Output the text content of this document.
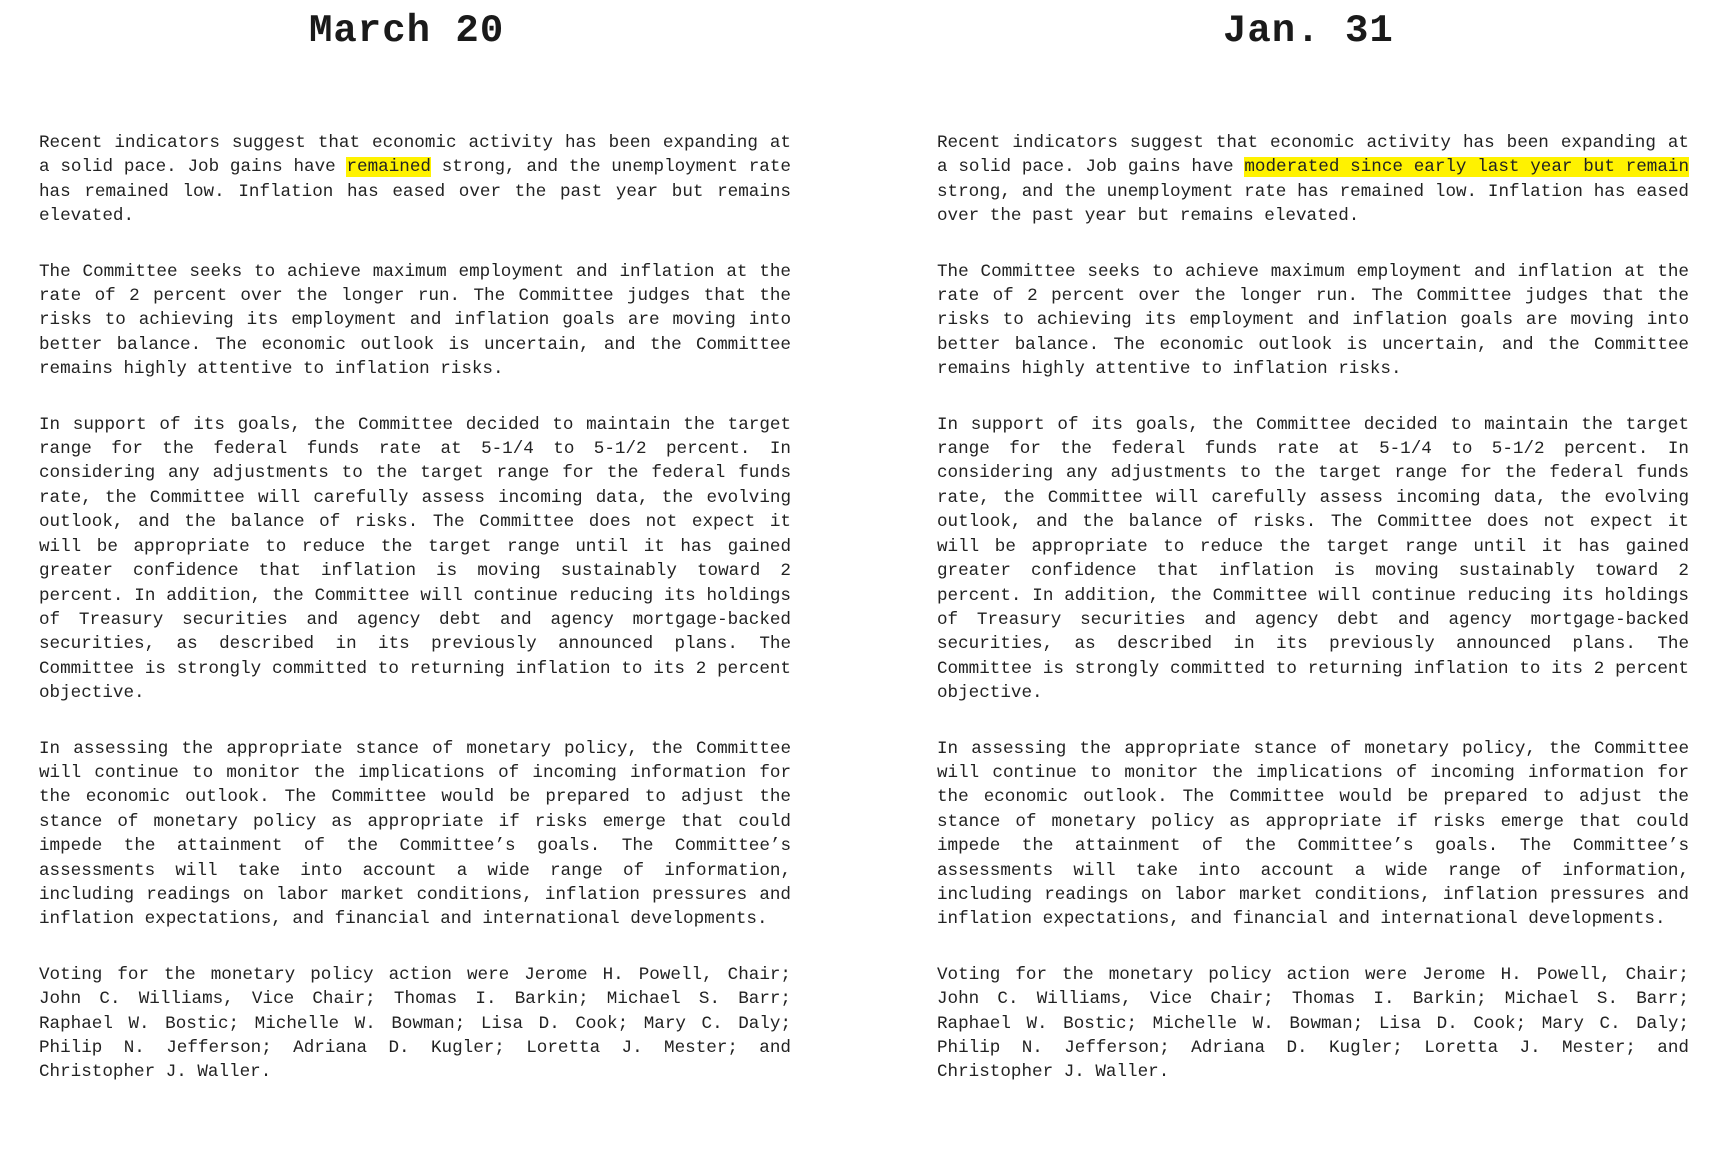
March 20

Recent indicators suggest that economic activity has been expanding at a solid pace. Job gains have remained strong, and the unemployment rate has remained low. Inflation has eased over the past year but remains elevated.

The Committee seeks to achieve maximum employment and inflation at the rate of 2 percent over the longer run. The Committee judges that the risks to achieving its employment and inflation goals are moving into better balance. The economic outlook is uncertain, and the Committee remains highly attentive to inflation risks.

In support of its goals, the Committee decided to maintain the target range for the federal funds rate at 5-1/4 to 5-1/2 percent. In considering any adjustments to the target range for the federal funds rate, the Committee will carefully assess incoming data, the evolving outlook, and the balance of risks. The Committee does not expect it will be appropriate to reduce the target range until it has gained greater confidence that inflation is moving sustainably toward 2 percent. In addition, the Committee will continue reducing its holdings of Treasury securities and agency debt and agency mortgage-backed securities, as described in its previously announced plans. The Committee is strongly committed to returning inflation to its 2 percent objective.

In assessing the appropriate stance of monetary policy, the Committee will continue to monitor the implications of incoming information for the economic outlook. The Committee would be prepared to adjust the stance of monetary policy as appropriate if risks emerge that could impede the attainment of the Committee’s goals. The Committee’s assessments will take into account a wide range of information, including readings on labor market conditions, inflation pressures and inflation expectations, and financial and international developments.

Voting for the monetary policy action were Jerome H. Powell, Chair; John C. Williams, Vice Chair; Thomas I. Barkin; Michael S. Barr; Raphael W. Bostic; Michelle W. Bowman; Lisa D. Cook; Mary C. Daly; Philip N. Jefferson; Adriana D. Kugler; Loretta J. Mester; and Christopher J. Waller.

Jan. 31

Recent indicators suggest that economic activity has been expanding at a solid pace. Job gains have moderated since early last year but remain strong, and the unemployment rate has remained low. Inflation has eased over the past year but remains elevated.

The Committee seeks to achieve maximum employment and inflation at the rate of 2 percent over the longer run. The Committee judges that the risks to achieving its employment and inflation goals are moving into better balance. The economic outlook is uncertain, and the Committee remains highly attentive to inflation risks.

In support of its goals, the Committee decided to maintain the target range for the federal funds rate at 5-1/4 to 5-1/2 percent. In considering any adjustments to the target range for the federal funds rate, the Committee will carefully assess incoming data, the evolving outlook, and the balance of risks. The Committee does not expect it will be appropriate to reduce the target range until it has gained greater confidence that inflation is moving sustainably toward 2 percent. In addition, the Committee will continue reducing its holdings of Treasury securities and agency debt and agency mortgage-backed securities, as described in its previously announced plans. The Committee is strongly committed to returning inflation to its 2 percent objective.

In assessing the appropriate stance of monetary policy, the Committee will continue to monitor the implications of incoming information for the economic outlook. The Committee would be prepared to adjust the stance of monetary policy as appropriate if risks emerge that could impede the attainment of the Committee’s goals. The Committee’s assessments will take into account a wide range of information, including readings on labor market conditions, inflation pressures and inflation expectations, and financial and international developments.

Voting for the monetary policy action were Jerome H. Powell, Chair; John C. Williams, Vice Chair; Thomas I. Barkin; Michael S. Barr; Raphael W. Bostic; Michelle W. Bowman; Lisa D. Cook; Mary C. Daly; Philip N. Jefferson; Adriana D. Kugler; Loretta J. Mester; and Christopher J. Waller.
